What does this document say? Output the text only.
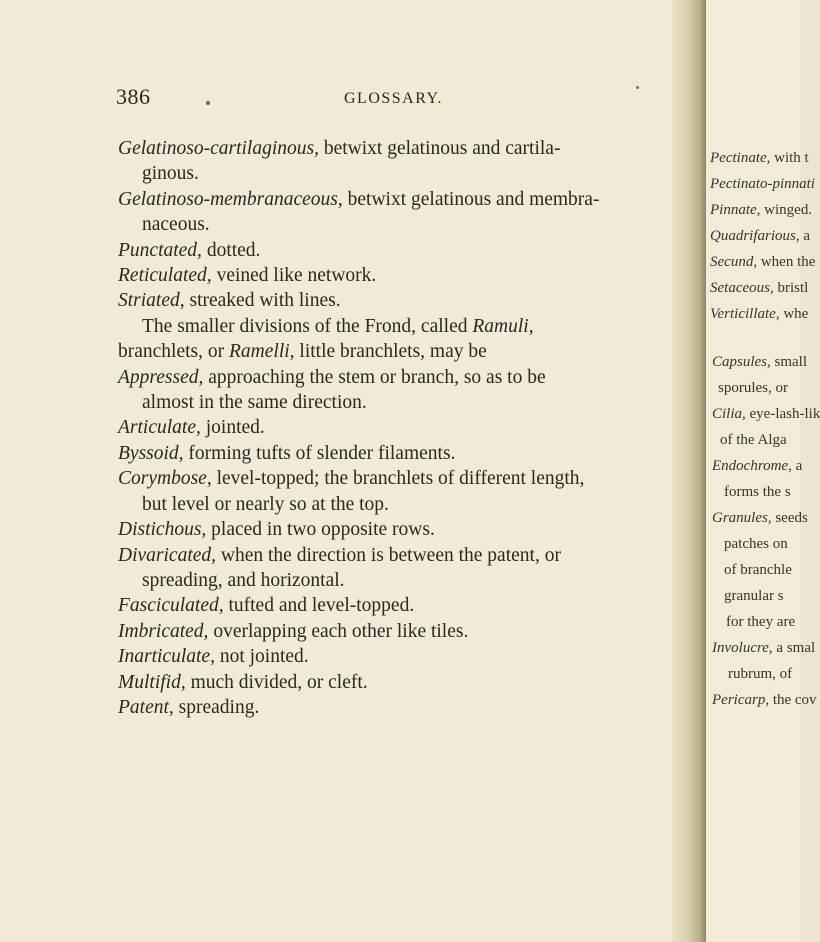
386	GLOSSARY.

Gelatinoso-cartilaginous, betwixt gelatinous and cartila-
ginous.

Gelatinoso-membranaceous, betwixt gelatinous and membra-
naceous.

Punctated, dotted.

Reticulated, veined like network.

Striated, streaked with lines.

The smaller divisions of the Frond, called Ramuli,

branchlets, or Ramelli, little branchlets, may be

Appressed, approaching the stem or branch, so as to be
almost in the same direction.

Articulate, jointed.

Byssoid, forming tufts of slender filaments.

Corymbose, level-topped; the branchlets of different length,
but level or nearly so at the top.

Distichous, placed in two opposite rows.

Divaricated, when the direction is between the patent, or
spreading, and horizontal.

Fasciculated, tufted and level-topped.

Imbricated, overlapping each other like tiles.

Inarticulate, not jointed.

Multifid, much divided, or cleft.

Patent, spreading.

Pectinate, with t
Pectinato-pinnati
Pinnate, winged.
Quadrifarious, a
Secund, when the
Setaceous, bristl
Verticillate, whe
Capsules, small
sporules, or
Cilia, eye-lash-lik
of the Alga
Endochrome, a
forms the s
Granules, seeds
patches on
of branchle
granular s
for they are
Involucre, a smal
rubrum, of
Pericarp, the cov
